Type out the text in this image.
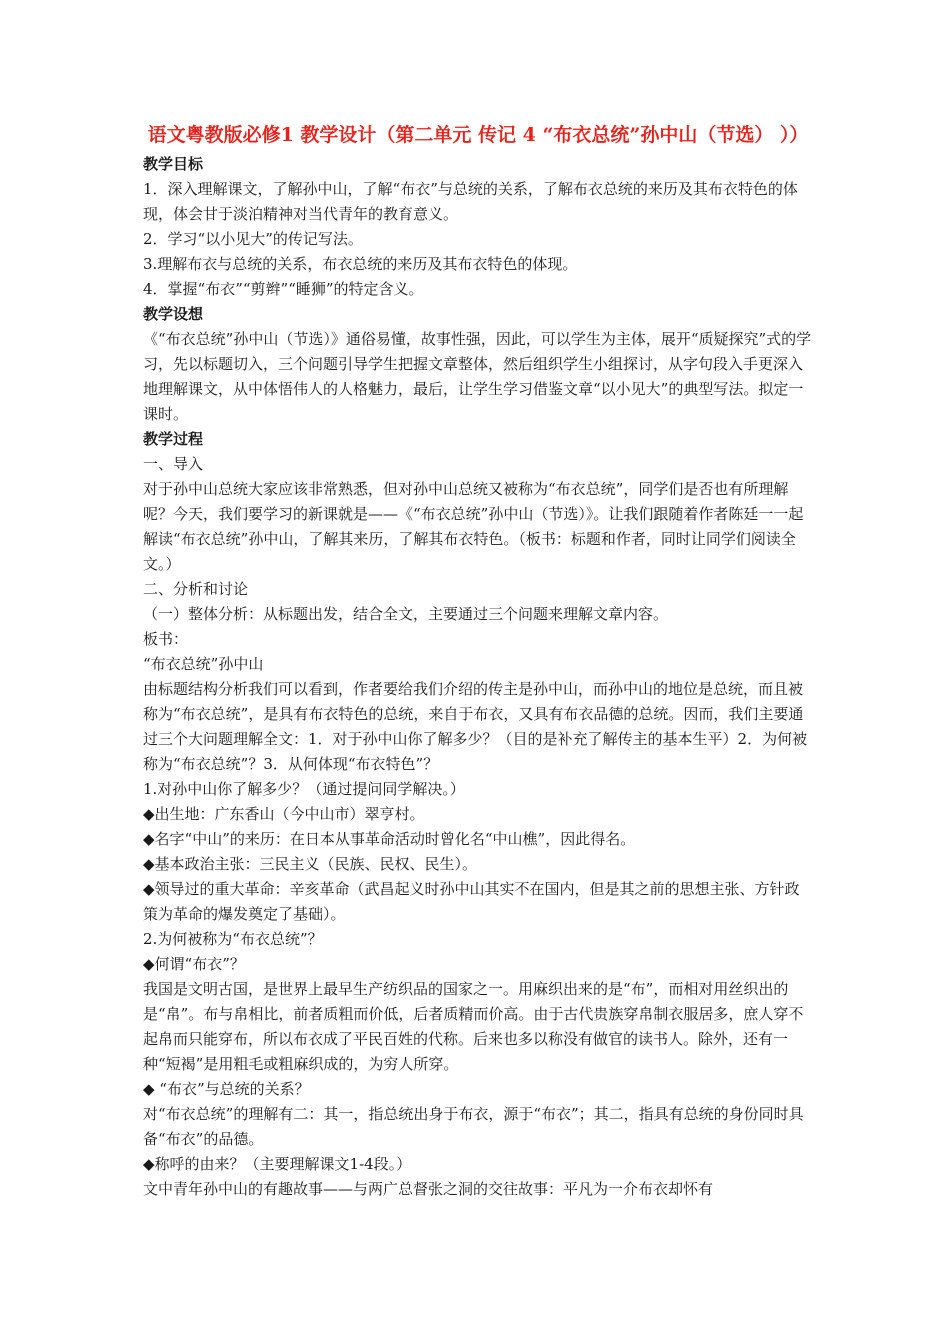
语文粤教版必修1 教学设计（第二单元 传记 4 “布衣总统”孙中山（节选） ））
教学目标
1．深入理解课文，了解孙中山，了解“布衣”与总统的关系，了解布衣总统的来历及其布衣特色的体现，体会甘于淡泊精神对当代青年的教育意义。
2．学习“以小见大”的传记写法。
3.理解布衣与总统的关系，布衣总统的来历及其布衣特色的体现。
4．掌握“布衣”“剪辫”“睡狮”的特定含义。
教学设想
《“布衣总统”孙中山（节选）》通俗易懂，故事性强，因此，可以学生为主体，展开“质疑探究”式的学习，先以标题切入，三个问题引导学生把握文章整体，然后组织学生小组探讨，从字句段入手更深入地理解课文，从中体悟伟人的人格魅力，最后，让学生学习借鉴文章“以小见大”的典型写法。拟定一课时。
教学过程
一、导入
对于孙中山总统大家应该非常熟悉，但对孙中山总统又被称为“布衣总统”，同学们是否也有所理解呢？今天，我们要学习的新课就是——《“布衣总统”孙中山（节选）》。让我们跟随着作者陈廷一一起解读“布衣总统”孙中山，了解其来历，了解其布衣特色。（板书：标题和作者，同时让同学们阅读全文。）
二、分析和讨论
（一）整体分析：从标题出发，结合全文，主要通过三个问题来理解文章内容。
板书：
“布衣总统”孙中山
由标题结构分析我们可以看到，作者要给我们介绍的传主是孙中山，而孙中山的地位是总统，而且被称为“布衣总统”，是具有布衣特色的总统，来自于布衣，又具有布衣品德的总统。因而，我们主要通过三个大问题理解全文：1．对于孙中山你了解多少？（目的是补充了解传主的基本生平）2．为何被称为“布衣总统”？3．从何体现“布衣特色”？
1.对孙中山你了解多少？（通过提问同学解决。）
◆出生地：广东香山（今中山市）翠亨村。
◆名字“中山”的来历：在日本从事革命活动时曾化名“中山樵”，因此得名。
◆基本政治主张：三民主义（民族、民权、民生）。
◆领导过的重大革命：辛亥革命（武昌起义时孙中山其实不在国内，但是其之前的思想主张、方针政策为革命的爆发奠定了基础）。
2.为何被称为“布衣总统”？
◆何谓“布衣”？
我国是文明古国，是世界上最早生产纺织品的国家之一。用麻织出来的是“布”，而相对用丝织出的是“帛”。布与帛相比，前者质粗而价低，后者质精而价高。由于古代贵族穿帛制衣服居多，庶人穿不起帛而只能穿布，所以布衣成了平民百姓的代称。后来也多以称没有做官的读书人。除外，还有一种“短褐”是用粗毛或粗麻织成的，为穷人所穿。
◆ “布衣”与总统的关系？
对“布衣总统”的理解有二：其一，指总统出身于布衣，源于“布衣”；其二，指具有总统的身份同时具备“布衣”的品德。
◆称呼的由来？（主要理解课文1-4段。）
文中青年孙中山的有趣故事——与两广总督张之洞的交往故事：平凡为一介布衣却怀有
